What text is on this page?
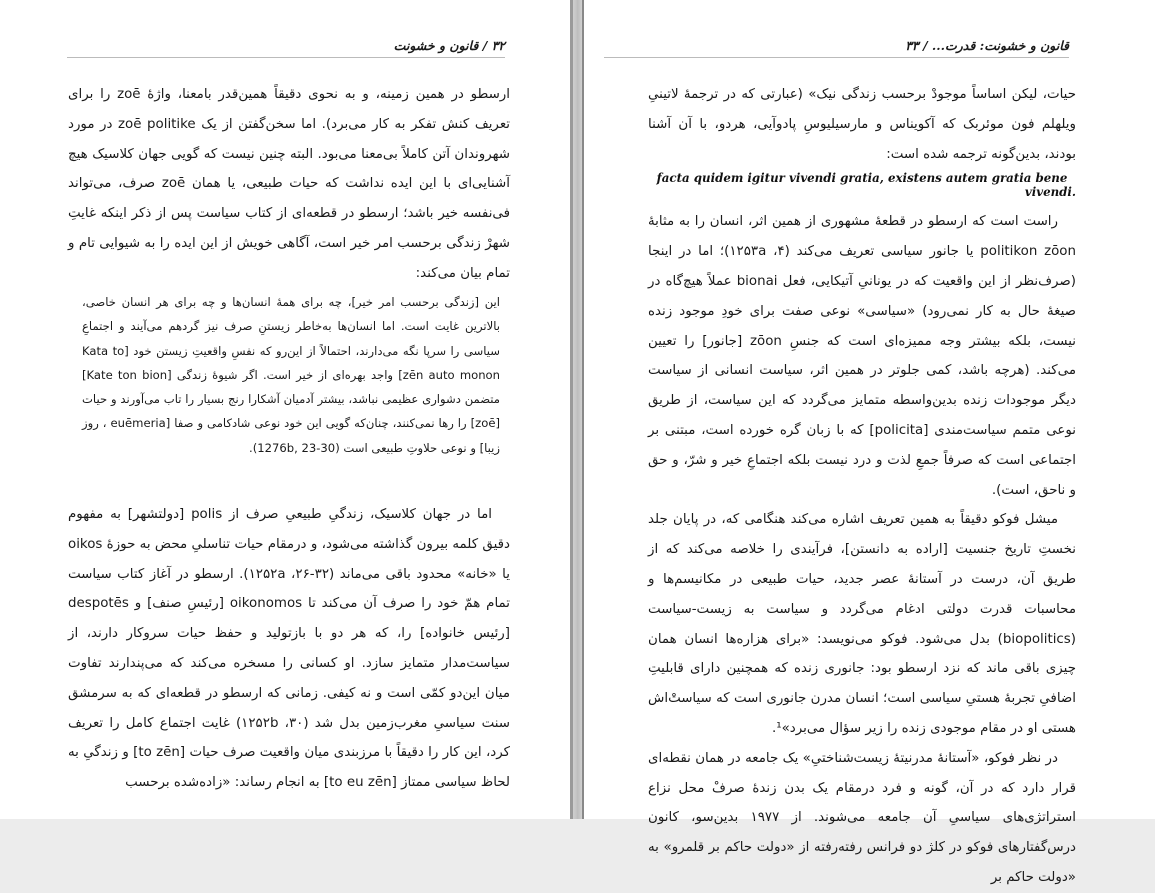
۳۲ / قانون و خشونت

ارسطو در همین زمینه، و به نحوی دقیقاً همین‌قدر بامعنا، واژهٔ zoē را برای تعریف کنش تفکر به کار می‌برد). اما سخن‌گفتن از یک zoē politike در مورد شهروندان آتن کاملاً بی‌معنا می‌بود. البته چنین نیست که گویی جهان کلاسیک هیچ آشنایی‌ای با این ایده نداشت که حیات طبیعی، یا همان zoē صرف، می‌تواند فی‌نفسه خیر باشد؛ ارسطو در قطعه‌ای از کتاب سیاست پس از ذکر اینکه غایتِ شهرْ زندگی برحسب امر خیر است، آگاهی خویش از این ایده را به شیوایی تام و تمام بیان می‌کند:

این [زندگی برحسب امر خیر]، چه برای همهٔ انسان‌ها و چه برای هر انسان خاصی، بالاترین غایت است. اما انسان‌ها به‌خاطر زیستنِ صرف نیز گردهم می‌آیند و اجتماعِ سیاسی را سرپا نگه می‌دارند، احتمالاً از این‌رو که نفسِ واقعیتِ زیستن خود [Kata to zēn auto monon] واجد بهره‌ای از خیر است. اگر شیوهٔ زندگی [Kate ton bion] متضمن دشواری عظیمی نباشد، بیشتر آدمیان آشکارا رنج بسیار را تاب می‌آورند و حیات [zoē] را رها نمی‌کنند، چنان‌که گویی این خود نوعی شادکامی و صفا [euēmeria ، روز زیبا] و نوعی حلاوتِ طبیعی است (1276b, 23-30).

اما در جهان کلاسیک، زندگیِ طبیعیِ صرف از polis [دولتشهر] به مفهوم دقیق کلمه بیرون گذاشته می‌شود، و درمقام حیات تناسلیِ محض به حوزهٔ oikos یا «خانه» محدود باقی می‌ماند (۳۲-۲۶، ۱۲۵۲a). ارسطو در آغاز کتاب سیاست تمام همّ خود را صرف آن می‌کند تا oikonomos [رئیسِ صنف] و despotēs [رئیس خانواده] را، که هر دو با بازتولید و حفظ حیات سروکار دارند، از سیاست‌مدار متمایز سازد. او کسانی را مسخره می‌کند که می‌پندارند تفاوت میان این‌دو کمّی است و نه کیفی. زمانی که ارسطو در قطعه‌ای که به سرمشق سنت سیاسیِ مغرب‌زمین بدل شد (۳۰، ۱۲۵۲b) غایت اجتماع کامل را تعریف کرد، این کار را دقیقاً با مرزبندی میان واقعیت صرف حیات [to zēn] و زندگیِ به لحاظ سیاسی ممتاز [to eu zēn] به انجام رساند: «زاده‌شده برحسب

قانون و خشونت: قدرت... / ۳۳

حیات، لیکن اساساً موجودْ برحسب زندگی نیک» (عبارتی که در ترجمهٔ لاتینیِ ویلهلم فون موئربک که آکویناس و مارسیلیوسِ پادوآیی، هردو، با آن آشنا بودند، بدین‌گونه ترجمه شده است:

facta quidem igitur vivendi gratia, existens autem gratia bene vivendi.

راست است که ارسطو در قطعهٔ مشهوری از همین اثر، انسان را به مثابهٔ politikon zōon یا جانور سیاسی تعریف می‌کند (۴، ۱۲۵۳a)؛ اما در اینجا (صرف‌نظر از این واقعیت که در یونانیِ آتیکایی، فعل bionai عملاً هیچ‌گاه در صیغهٔ حال به کار نمی‌رود) «سیاسی» نوعی صفت برای خودِ موجود زنده نیست، بلکه بیشتر وجه ممیزه‌ای است که جنسِ zōon [جانور] را تعیین می‌کند. (هرچه باشد، کمی جلوتر در همین اثر، سیاست انسانی از سیاست دیگر موجودات زنده بدین‌واسطه متمایز می‌گردد که این سیاست، از طریق نوعی متمم سیاست‌مندی [policita] که با زبان گره خورده است، مبتنی بر اجتماعی است که صرفاً جمعِ لذت و درد نیست بلکه اجتماعِ خیر و شرّ، و حق و ناحق، است).

میشل فوکو دقیقاً به همین تعریف اشاره می‌کند هنگامی که، در پایان جلد نخستِ تاریخ جنسیت [اراده به دانستن]، فرآیندی را خلاصه می‌کند که از طریق آن، درست در آستانهٔ عصر جدید، حیات طبیعی در مکانیسم‌ها و محاسبات قدرت دولتی ادغام می‌گردد و سیاست به زیست-سیاست (biopolitics) بدل می‌شود. فوکو می‌نویسد: «برای هزاره‌ها انسان همان چیزی باقی ماند که نزد ارسطو بود: جانوری زنده که همچنین دارای قابلیتِ اضافیِ تجربهٔ هستیِ سیاسی است؛ انسان مدرن جانوری است که سیاستْ‌اش هستی او در مقام موجودی زنده را زیر سؤال می‌برد»¹.

در نظر فوکو، «آستانهٔ مدرنیتهٔ زیست‌شناختیِ» یک جامعه در همان نقطه‌ای قرار دارد که در آن، گونه و فرد درمقام یک بدن زندهٔ صرفْ محل نزاع استراتژی‌های سیاسیِ آن جامعه می‌شوند. از ۱۹۷۷ بدین‌سو، کانون درس‌گفتارهای فوکو در کلژ دو فرانس رفته‌رفته از «دولت حاکم بر قلمرو» به «دولت حاکم بر
